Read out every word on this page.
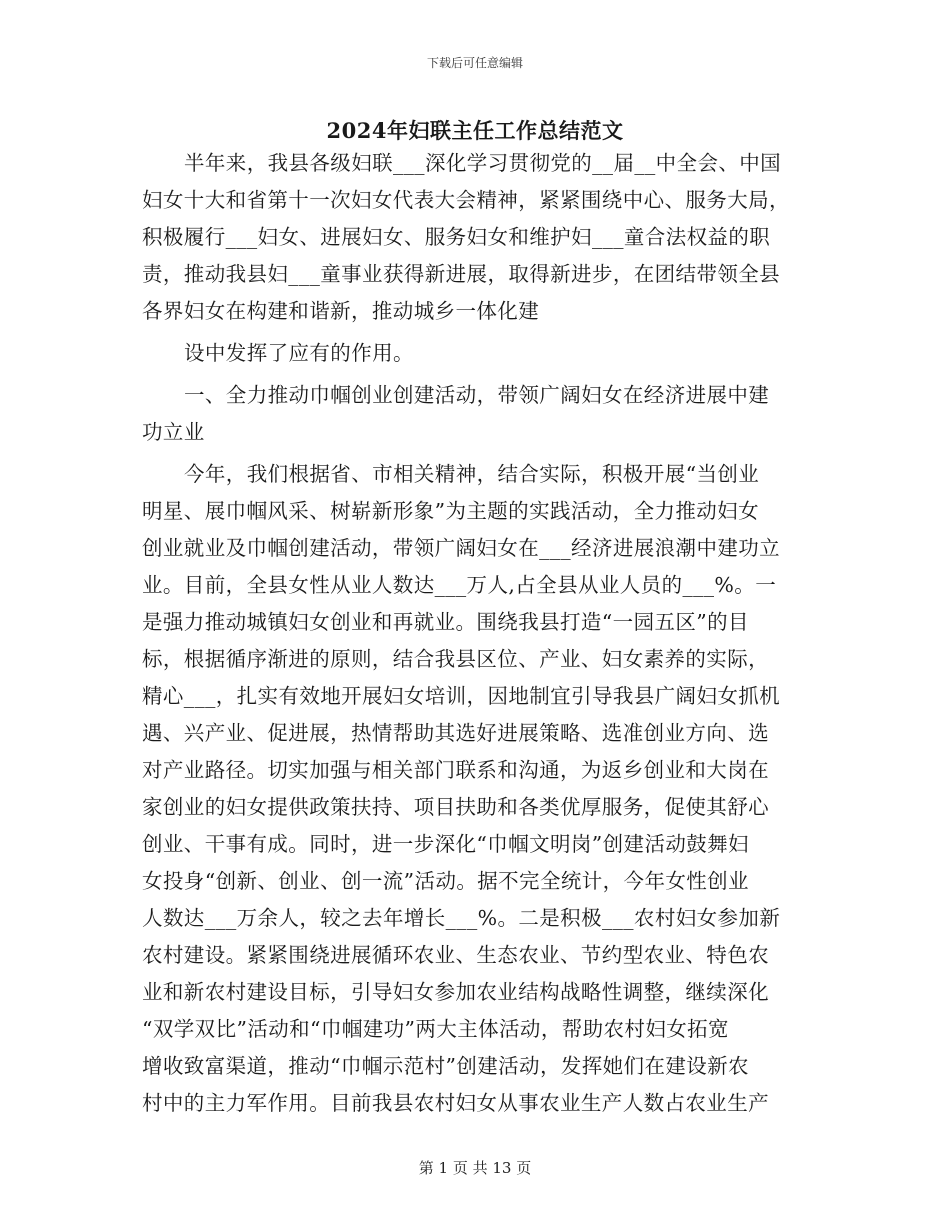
下载后可任意编辑
2024年妇联主任工作总结范文
半年来，我县各级妇联___深化学习贯彻党的__届__中全会、中国
妇女十大和省第十一次妇女代表大会精神，紧紧围绕中心、服务大局，
积极履行___妇女、进展妇女、服务妇女和维护妇___童合法权益的职
责，推动我县妇___童事业获得新进展，取得新进步，在团结带领全县
各界妇女在构建和谐新，推动城乡一体化建
设中发挥了应有的作用。
一、全力推动巾帼创业创建活动，带领广阔妇女在经济进展中建
功立业
今年，我们根据省、市相关精神，结合实际，积极开展“当创业
明星、展巾帼风采、树崭新形象”为主题的实践活动，全力推动妇女
创业就业及巾帼创建活动，带领广阔妇女在___经济进展浪潮中建功立
业。目前，全县女性从业人数达___万人,占全县从业人员的___%。一
是强力推动城镇妇女创业和再就业。围绕我县打造“一园五区”的目
标，根据循序渐进的原则，结合我县区位、产业、妇女素养的实际，
精心___，扎实有效地开展妇女培训，因地制宜引导我县广阔妇女抓机
遇、兴产业、促进展，热情帮助其选好进展策略、选准创业方向、选
对产业路径。切实加强与相关部门联系和沟通，为返乡创业和大岗在
家创业的妇女提供政策扶持、项目扶助和各类优厚服务，促使其舒心
创业、干事有成。同时，进一步深化“巾帼文明岗”创建活动鼓舞妇
女投身“创新、创业、创一流”活动。据不完全统计，今年女性创业
人数达___万余人，较之去年增长___%。二是积极___农村妇女参加新
农村建设。紧紧围绕进展循环农业、生态农业、节约型农业、特色农
业和新农村建设目标，引导妇女参加农业结构战略性调整，继续深化
“双学双比”活动和“巾帼建功”两大主体活动，帮助农村妇女拓宽
增收致富渠道，推动“巾帼示范村”创建活动，发挥她们在建设新农
村中的主力军作用。目前我县农村妇女从事农业生产人数占农业生产
第 1 页 共 13 页
